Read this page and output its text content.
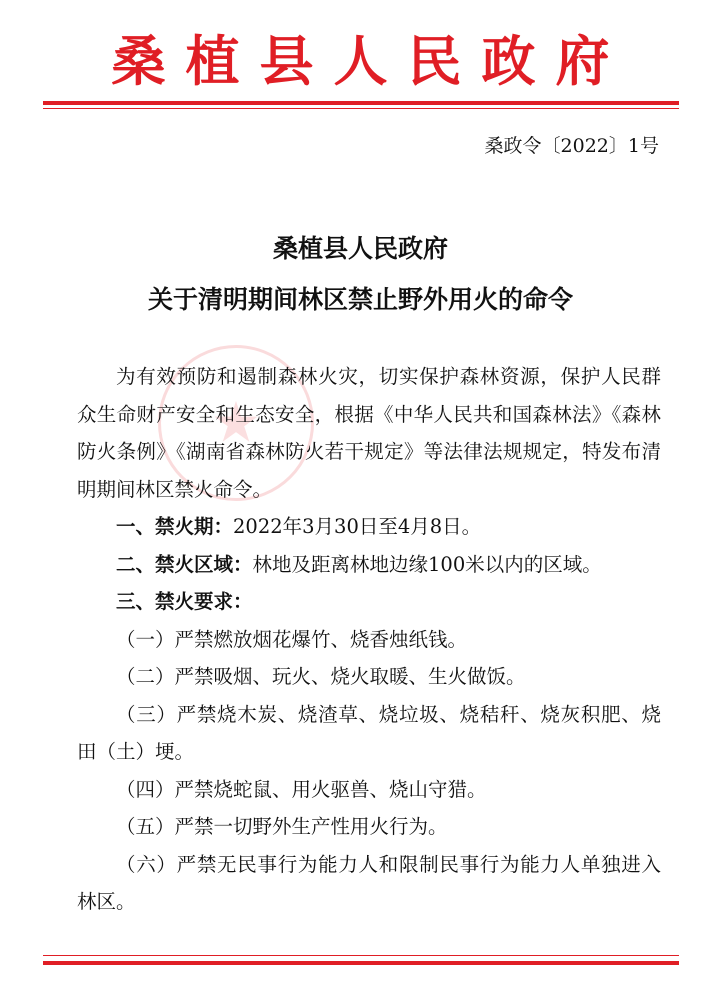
桑植县人民政府
桑政令〔2022〕1号
桑植县人民政府
关于清明期间林区禁止野外用火的命令
★

为有效预防和遏制森林火灾，切实保护森林资源，保护人民群众生命财产安全和生态安全，根据《中华人民共和国森林法》《森林防火条例》《湖南省森林防火若干规定》等法律法规规定，特发布清明期间林区禁火命令。

一、禁火期：2022年3月30日至4月8日。

二、禁火区域：林地及距离林地边缘100米以内的区域。

三、禁火要求：

（一）严禁燃放烟花爆竹、烧香烛纸钱。

（二）严禁吸烟、玩火、烧火取暖、生火做饭。

（三）严禁烧木炭、烧渣草、烧垃圾、烧秸秆、烧灰积肥、烧田（土）埂。

（四）严禁烧蛇鼠、用火驱兽、烧山守猎。

（五）严禁一切野外生产性用火行为。

（六）严禁无民事行为能力人和限制民事行为能力人单独进入林区。
